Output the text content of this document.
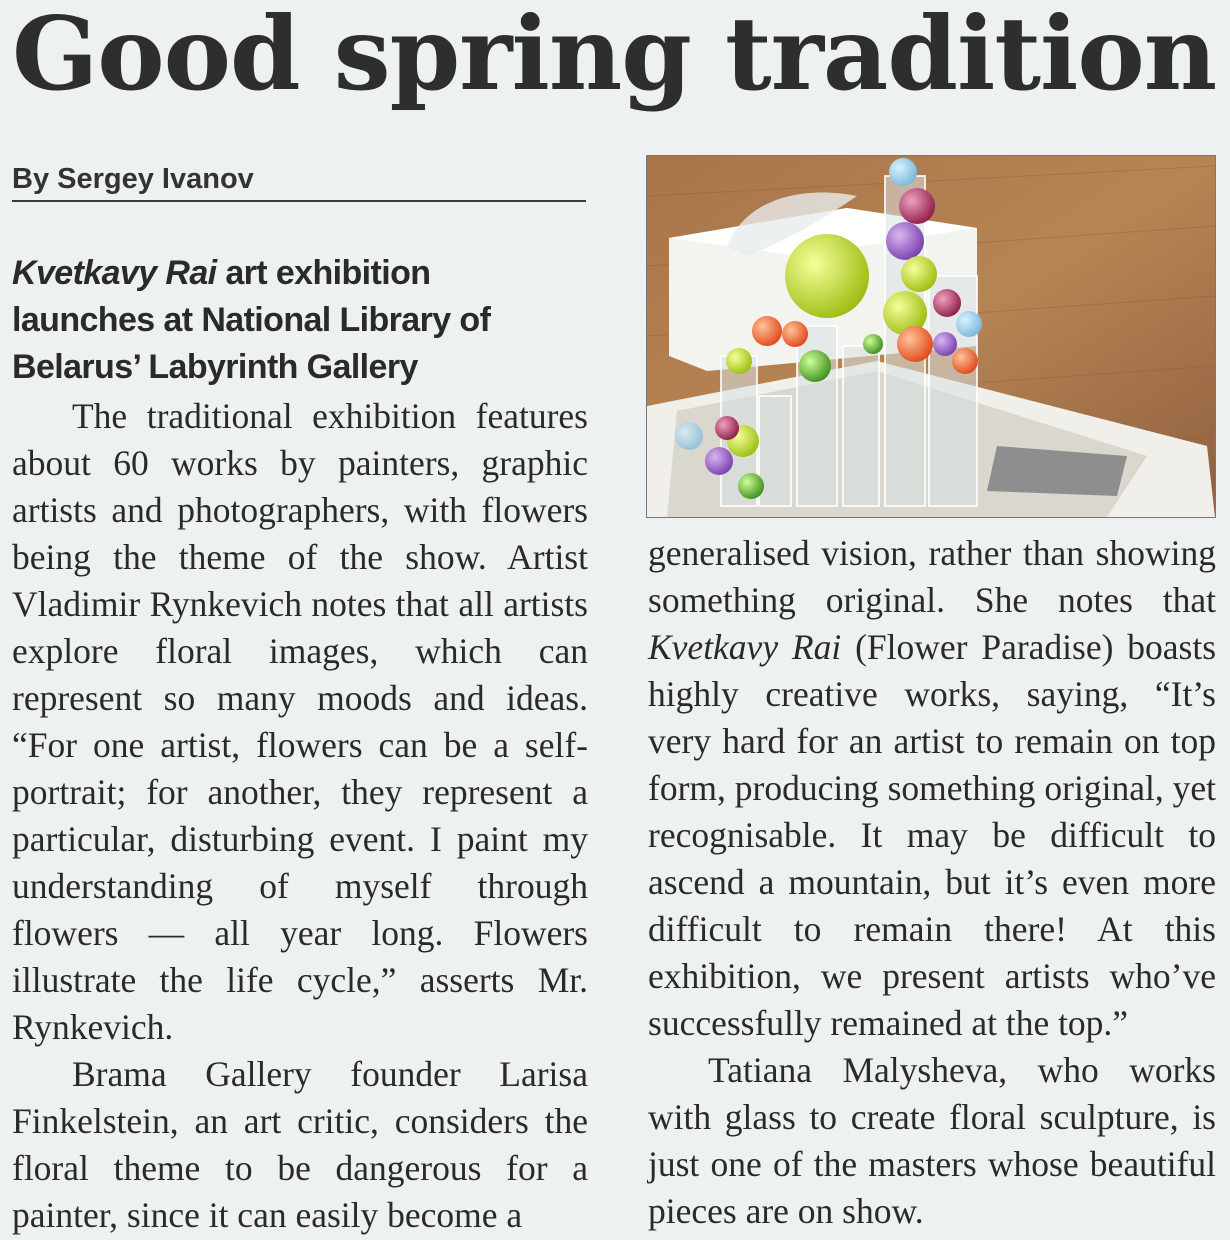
Good spring tradition
By Sergey Ivanov
Kvetkavy Rai art exhibition
launches at National Library of
Belarus’ Labyrinth Gallery

The traditional exhibition features about 60 works by painters, graphic artists and photographers, with flowers being the theme of the show. Artist Vladimir Rynkevich notes that all artists explore floral images, which can represent so many moods and ideas. “For one artist, flowers can be a self-portrait; for another, they represent a particular, disturbing event. I paint my understanding of myself through flowers — all year long. Flowers illustrate the life cycle,” asserts Mr. Rynkevich.

Brama Gallery founder Larisa Finkelstein, an art critic, considers the floral theme to be dangerous for a painter, since it can easily become a

generalised vision, rather than showing something original. She notes that Kvetkavy Rai (Flower Paradise) boasts highly creative works, saying, “It’s very hard for an artist to remain on top form, producing something original, yet recognisable. It may be difficult to ascend a mountain, but it’s even more difficult to remain there! At this exhibition, we present artists who’ve successfully remained at the top.”

Tatiana Malysheva, who works with glass to create floral sculpture, is just one of the masters whose beautiful pieces are on show.
